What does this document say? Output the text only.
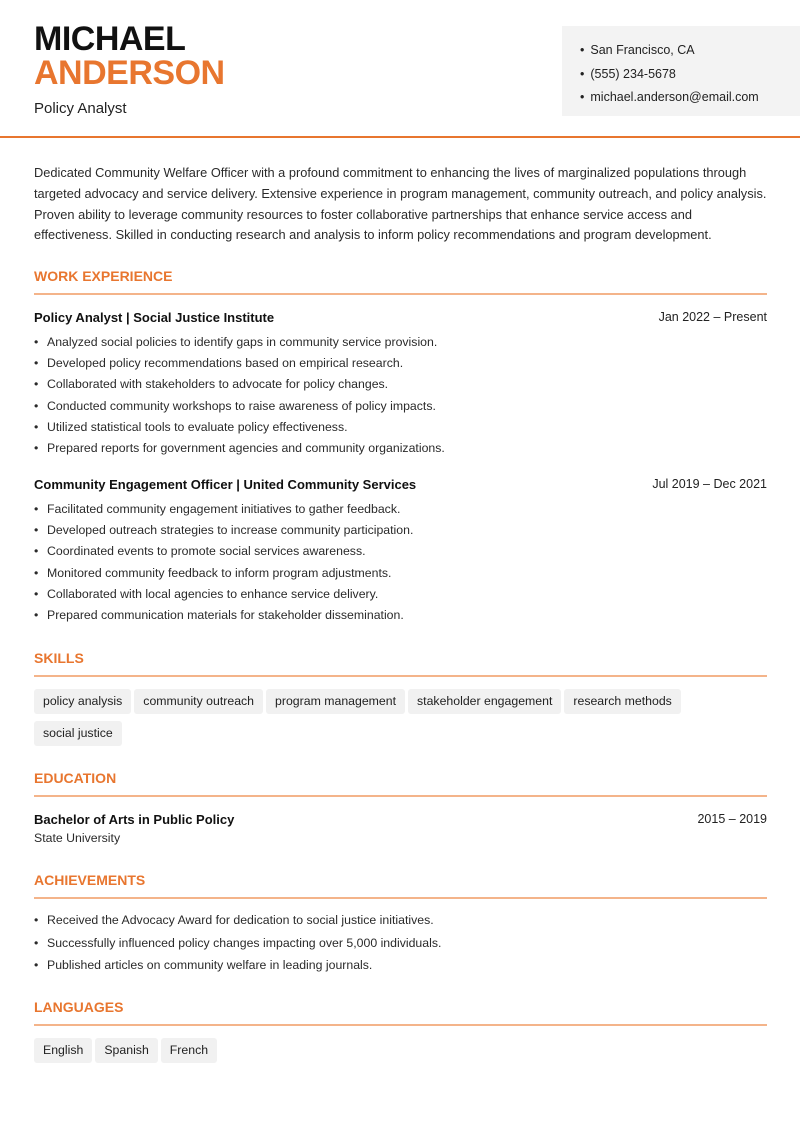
MICHAEL
ANDERSON
Policy Analyst
• San Francisco, CA
• (555) 234-5678
• michael.anderson@email.com
Dedicated Community Welfare Officer with a profound commitment to enhancing the lives of marginalized populations through targeted advocacy and service delivery. Extensive experience in program management, community outreach, and policy analysis. Proven ability to leverage community resources to foster collaborative partnerships that enhance service access and effectiveness. Skilled in conducting research and analysis to inform policy recommendations and program development.
WORK EXPERIENCE
Policy Analyst | Social Justice Institute	Jan 2022 – Present
• Analyzed social policies to identify gaps in community service provision.
• Developed policy recommendations based on empirical research.
• Collaborated with stakeholders to advocate for policy changes.
• Conducted community workshops to raise awareness of policy impacts.
• Utilized statistical tools to evaluate policy effectiveness.
• Prepared reports for government agencies and community organizations.
Community Engagement Officer | United Community Services	Jul 2019 – Dec 2021
• Facilitated community engagement initiatives to gather feedback.
• Developed outreach strategies to increase community participation.
• Coordinated events to promote social services awareness.
• Monitored community feedback to inform program adjustments.
• Collaborated with local agencies to enhance service delivery.
• Prepared communication materials for stakeholder dissemination.
SKILLS
policy analysis community outreach program management stakeholder engagement research methodssocial justice
EDUCATION
Bachelor of Arts in Public Policy	2015 – 2019
State University
ACHIEVEMENTS
• Received the Advocacy Award for dedication to social justice initiatives.
• Successfully influenced policy changes impacting over 5,000 individuals.
• Published articles on community welfare in leading journals.
LANGUAGES
English Spanish French
